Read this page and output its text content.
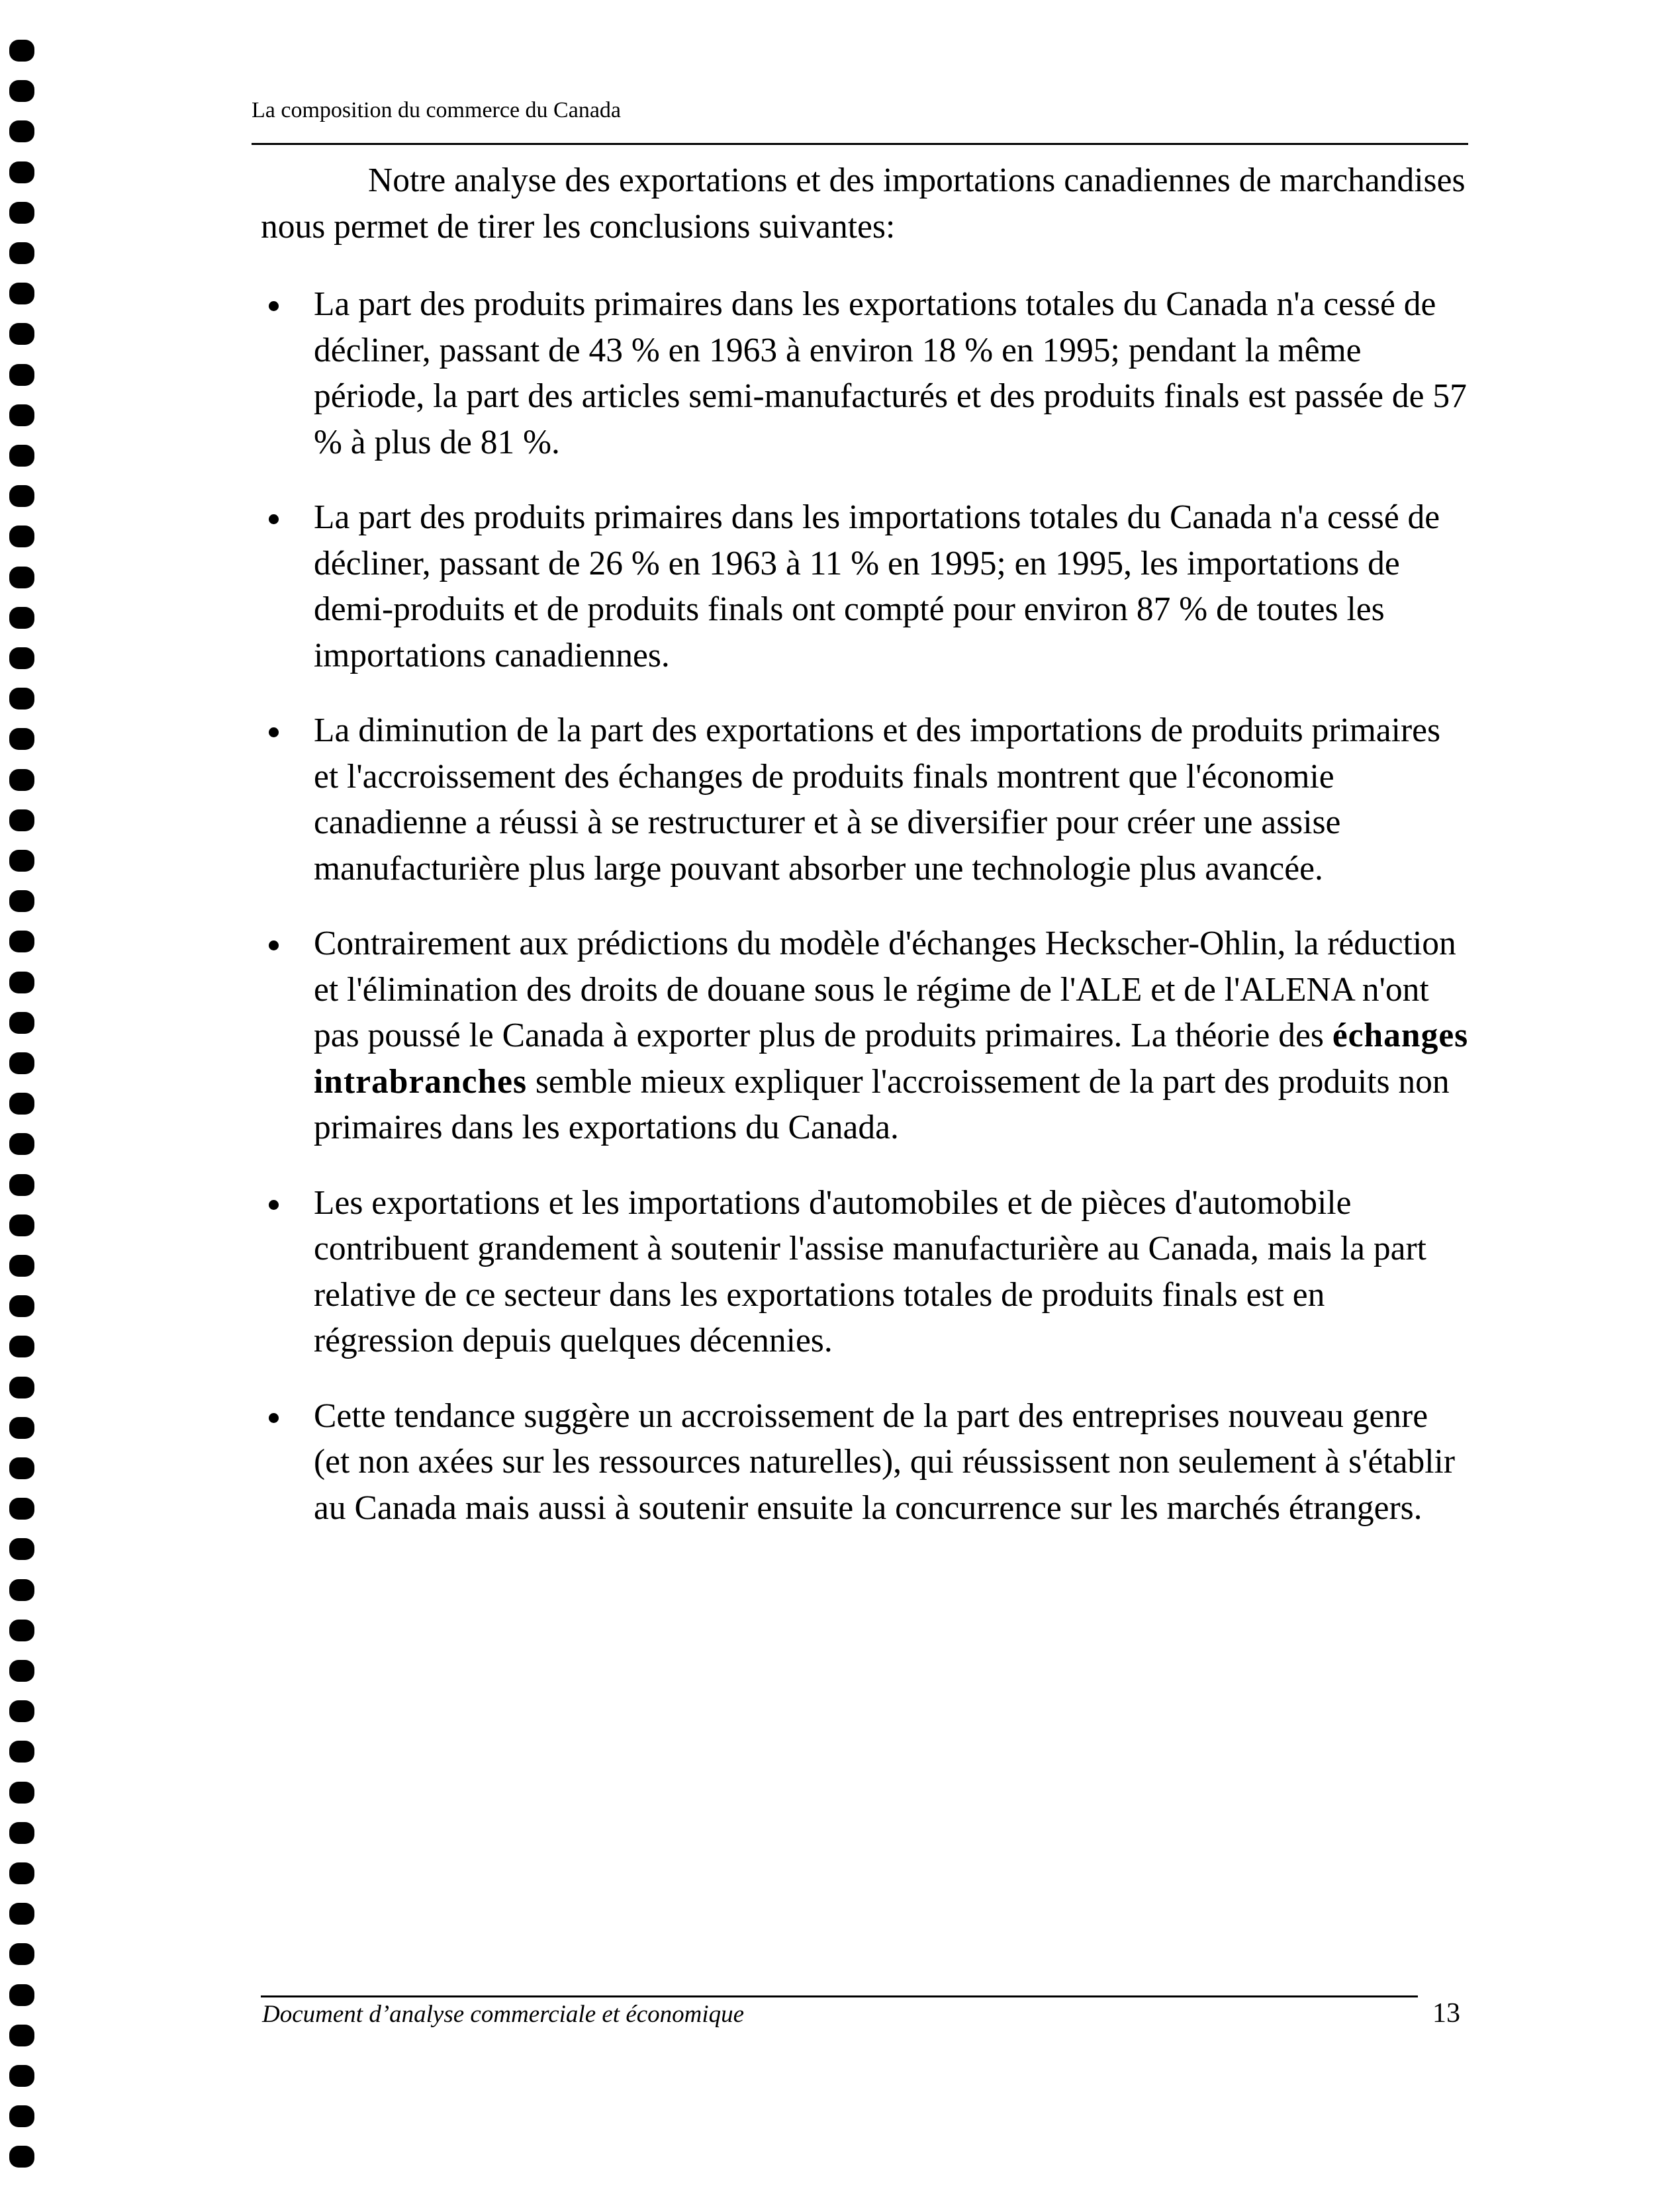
La composition du commerce du Canada

Notre analyse des exportations et des importations canadiennes de marchandises nous permet de tirer les conclusions suivantes:

La part des produits primaires dans les exportations totales du Canada n'a cessé de décliner, passant de 43 % en 1963 à environ 18 % en 1995; pendant la même période, la part des articles semi-manufacturés et des produits finals est passée de 57 % à plus de 81 %.
La part des produits primaires dans les importations totales du Canada n'a cessé de décliner, passant de 26 % en 1963 à 11 % en 1995; en 1995, les importations de demi-produits et de produits finals ont compté pour environ 87 % de toutes les importations canadiennes.
La diminution de la part des exportations et des importations de produits primaires et l'accroissement des échanges de produits finals montrent que l'économie canadienne a réussi à se restructurer et à se diversifier pour créer une assise manufacturière plus large pouvant absorber une technologie plus avancée.
Contrairement aux prédictions du modèle d'échanges Heckscher-Ohlin, la réduction et l'élimination des droits de douane sous le régime de l'ALE et de l'ALENA n'ont pas poussé le Canada à exporter plus de produits primaires. La théorie des échanges intrabranches semble mieux expliquer l'accroissement de la part des produits non primaires dans les exportations du Canada.
Les exportations et les importations d'automobiles et de pièces d'automobile contribuent grandement à soutenir l'assise manufacturière au Canada, mais la part relative de ce secteur dans les exportations totales de produits finals est en régression depuis quelques décennies.
Cette tendance suggère un accroissement de la part des entreprises nouveau genre (et non axées sur les ressources naturelles), qui réussissent non seulement à s'établir au Canada mais aussi à soutenir ensuite la concurrence sur les marchés étrangers.
Document d’analyse commerciale et économique	13
